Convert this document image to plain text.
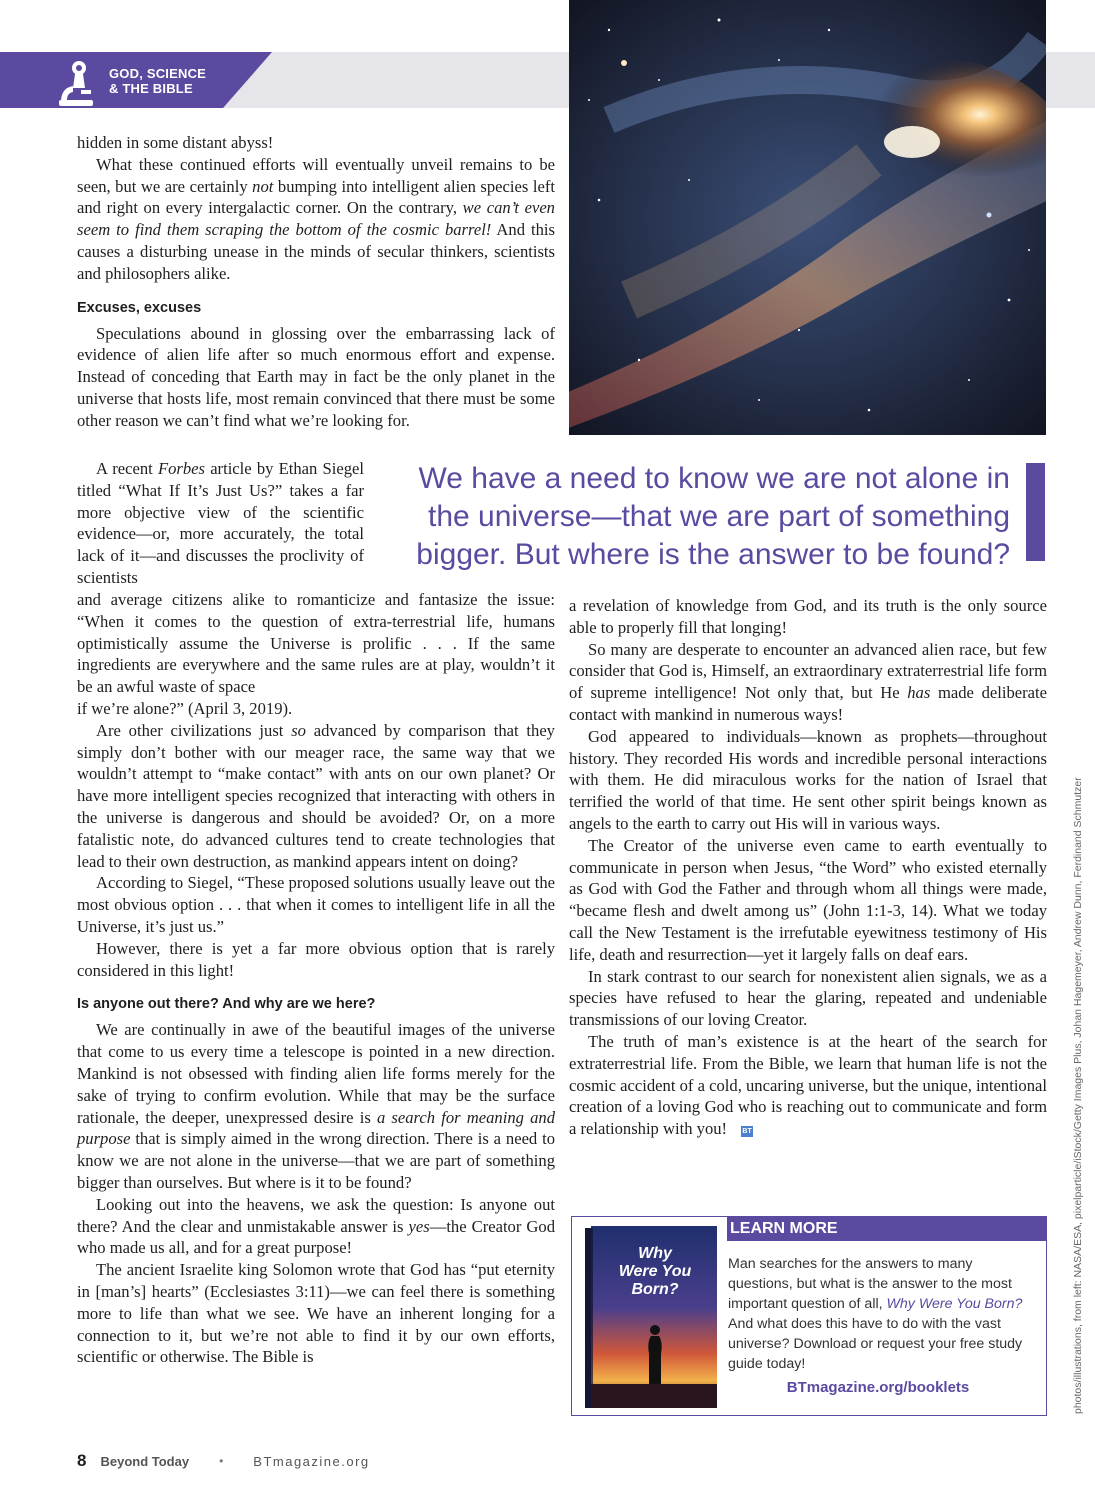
GOD, SCIENCE
& THE BIBLE

hidden in some distant abyss!

What these continued efforts will eventually unveil remains to be seen, but we are certainly not bumping into intelligent alien species left and right on every intergalactic corner. On the contrary, we can’t even seem to find them scraping the bottom of the cosmic barrel! And this causes a disturbing unease in the minds of secular thinkers, scientists and philosophers alike.

Excuses, excuses

Speculations abound in glossing over the embarrassing lack of evidence of alien life after so much enormous effort and expense. Instead of conceding that Earth may in fact be the only planet in the universe that hosts life, most remain convinced that there must be some other reason we can’t find what we’re looking for.

A recent Forbes article by Ethan Siegel titled “What If It’s Just Us?” takes a far more objective view of the scientific evidence—or, more accurately, the total lack of it—and discusses the proclivity of scientists

We have a need to know we are not alone in the universe—that we are part of something bigger. But where is the answer to be found?

and average citizens alike to romanticize and fantasize the issue: “When it comes to the question of extra-terrestrial life, humans optimistically assume the Universe is prolific . . . If the same ingredients are everywhere and the same rules are at play, wouldn’t it be an awful waste of space

if we’re alone?” (April 3, 2019).

Are other civilizations just so advanced by comparison that they simply don’t bother with our meager race, the same way that we wouldn’t attempt to “make contact” with ants on our own planet? Or have more intelligent species recognized that interacting with others in the universe is dangerous and should be avoided? Or, on a more fatalistic note, do advanced cultures tend to create technologies that lead to their own destruction, as mankind appears intent on doing?

According to Siegel, “These proposed solutions usually leave out the most obvious option . . . that when it comes to intelligent life in all the Universe, it’s just us.”

However, there is yet a far more obvious option that is rarely considered in this light!

Is anyone out there? And why are we here?

We are continually in awe of the beautiful images of the universe that come to us every time a telescope is pointed in a new direction. Mankind is not obsessed with finding alien life forms merely for the sake of trying to confirm evolution. While that may be the surface rationale, the deeper, unexpressed desire is a search for meaning and purpose that is simply aimed in the wrong direction. There is a need to know we are not alone in the universe—that we are part of something bigger than ourselves. But where is it to be found?

Looking out into the heavens, we ask the question: Is anyone out there? And the clear and unmistakable answer is yes—the Creator God who made us all, and for a great purpose!

The ancient Israelite king Solomon wrote that God has “put eternity in [man’s] hearts” (Ecclesiastes 3:11)—we can feel there is something more to life than what we see. We have an inherent longing for a connection to it, but we’re not able to find it by our own efforts, scientific or otherwise. The Bible is

a revelation of knowledge from God, and its truth is the only source able to properly fill that longing!

So many are desperate to encounter an advanced alien race, but few consider that God is, Himself, an extraordinary extraterrestrial life form of supreme intelligence! Not only that, but He has made deliberate contact with mankind in numerous ways!

God appeared to individuals—known as prophets—throughout history. They recorded His words and incredible personal interactions with them. He did miraculous works for the nation of Israel that terrified the world of that time. He sent other spirit beings known as angels to the earth to carry out His will in various ways.

The Creator of the universe even came to earth eventually to communicate in person when Jesus, “the Word” who existed eternally as God with God the Father and through whom all things were made, “became flesh and dwelt among us” (John 1:1-3, 14). What we today call the New Testament is the irrefutable eyewitness testimony of His life, death and resurrection—yet it largely falls on deaf ears.

In stark contrast to our search for nonexistent alien signals, we as a species have refused to hear the glaring, repeated and undeniable transmissions of our loving Creator.

The truth of man’s existence is at the heart of the search for extraterrestrial life. From the Bible, we learn that human life is not the cosmic accident of a cold, uncaring universe, but the unique, intentional creation of a loving God who is reaching out to communicate and form a relationship with you! BT

LEARN MORE
Why
Were You
Born?
Man searches for the answers to many questions, but what is the answer to the most important question of all, Why Were You Born? And what does this have to do with the vast universe? Download or request your free study guide today!
BTmagazine.org/booklets	photos/illustrations, from left: NASA/ESA, pixelparticle/iStock/Getty Images Plus, Johan Hagemeyer, Andrew Dunn, Ferdinand Schmutzer
8 Beyond Today	• BTmagazine.org
